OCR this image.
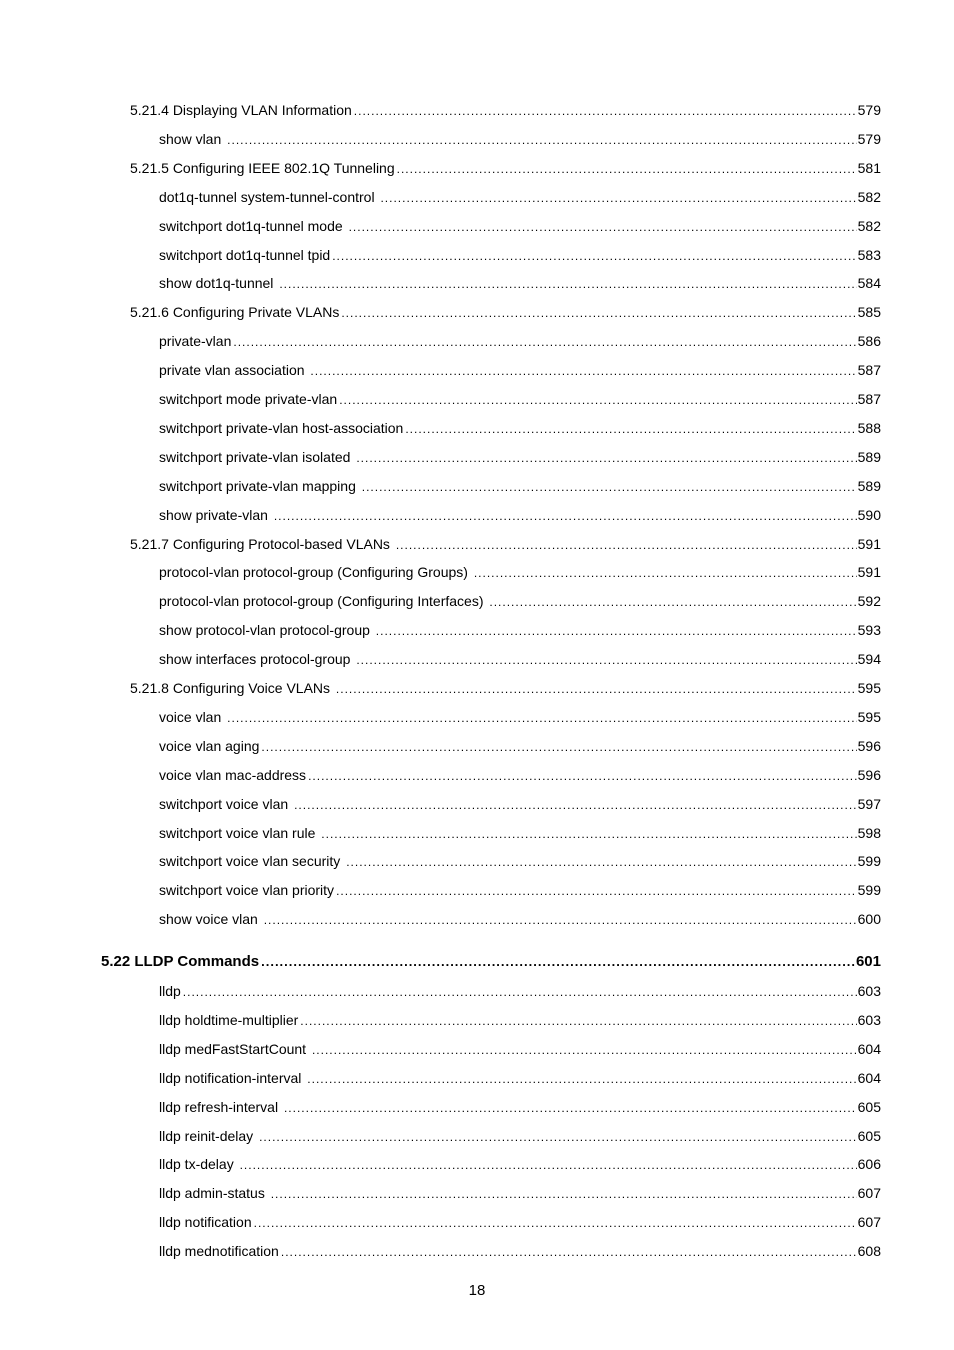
5.21.4 Displaying VLAN Information .....	579
show vlan .....	579
5.21.5 Configuring IEEE 802.1Q Tunneling .....	581
dot1q-tunnel system-tunnel-control .....	582
switchport dot1q-tunnel mode .....	582
switchport dot1q-tunnel tpid .....	583
show dot1q-tunnel .....	584
5.21.6 Configuring Private VLANs .....	585
private-vlan .....	586
private vlan association .....	587
switchport mode private-vlan .....	587
switchport private-vlan host-association .....	588
switchport private-vlan isolated .....	589
switchport private-vlan mapping .....	589
show private-vlan .....	590
5.21.7 Configuring Protocol-based VLANs .....	591
protocol-vlan protocol-group (Configuring Groups) .....	591
protocol-vlan protocol-group (Configuring Interfaces) .....	592
show protocol-vlan protocol-group .....	593
show interfaces protocol-group .....	594
5.21.8 Configuring Voice VLANs .....	595
voice vlan .....	595
voice vlan aging .....	596
voice vlan mac-address .....	596
switchport voice vlan .....	597
switchport voice vlan rule .....	598
switchport voice vlan security .....	599
switchport voice vlan priority .....	599
show voice vlan .....	600
5.22 LLDP Commands .....	601
lldp .....	603
lldp holdtime-multiplier .....	603
lldp medFastStartCount .....	604
lldp notification-interval .....	604
lldp refresh-interval .....	605
lldp reinit-delay .....	605
lldp tx-delay .....	606
lldp admin-status .....	607
lldp notification .....	607
lldp mednotification .....	608
18
